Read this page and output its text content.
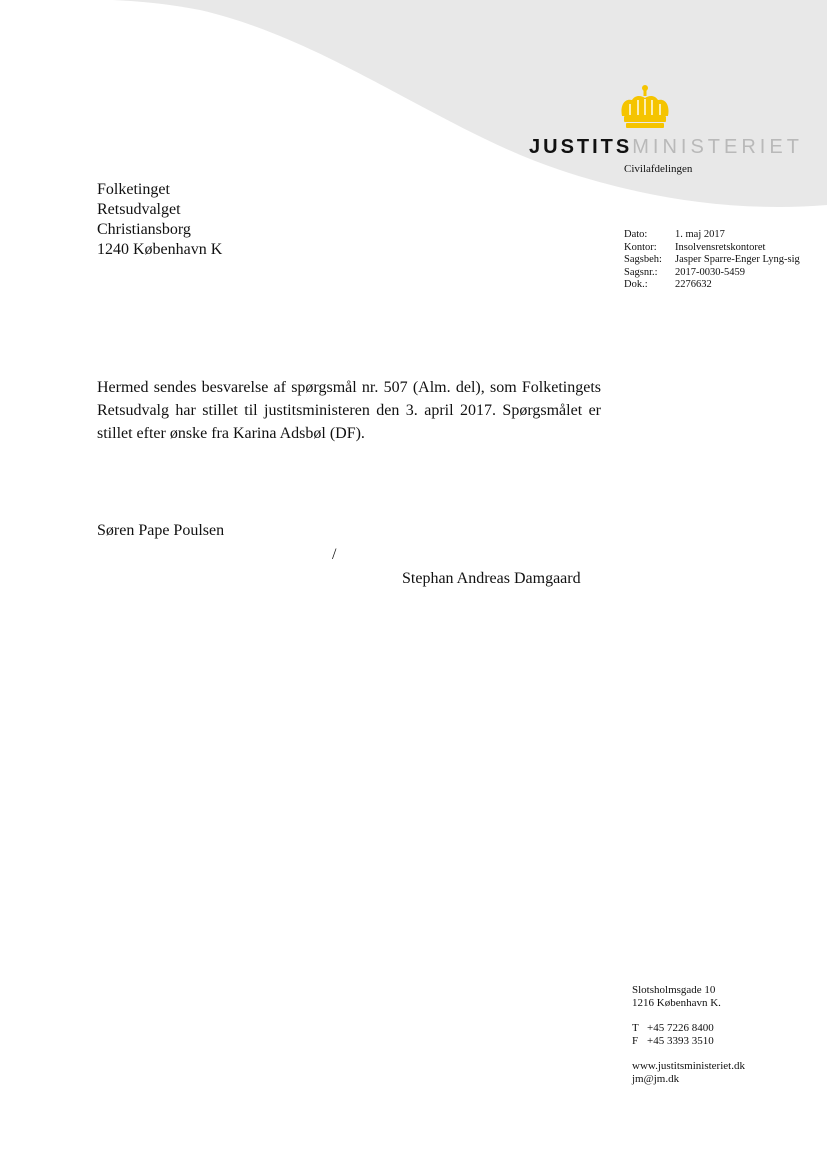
JUSTITSMINISTERIET
Civilafdelingen
Folketinget
Retsudvalget
Christiansborg
1240 København K
Dato:	1. maj 2017
Kontor:	Insolvensretskontoret
Sagsbeh:	Jasper Sparre-Enger Lyng-sig
Sagsnr.:	2017-0030-5459
Dok.:	2276632
Hermed sendes besvarelse af spørgsmål nr. 507 (Alm. del), som Folketingets Retsudvalg har stillet til justitsministeren den 3. april 2017. Spørgsmålet er stillet efter ønske fra Karina Adsbøl (DF).
Søren Pape Poulsen
/
Stephan Andreas Damgaard
Slotsholmsgade 10
1216 København K.
T +45 7226 8400
F +45 3393 3510
www.justitsministeriet.dk
jm@jm.dk
